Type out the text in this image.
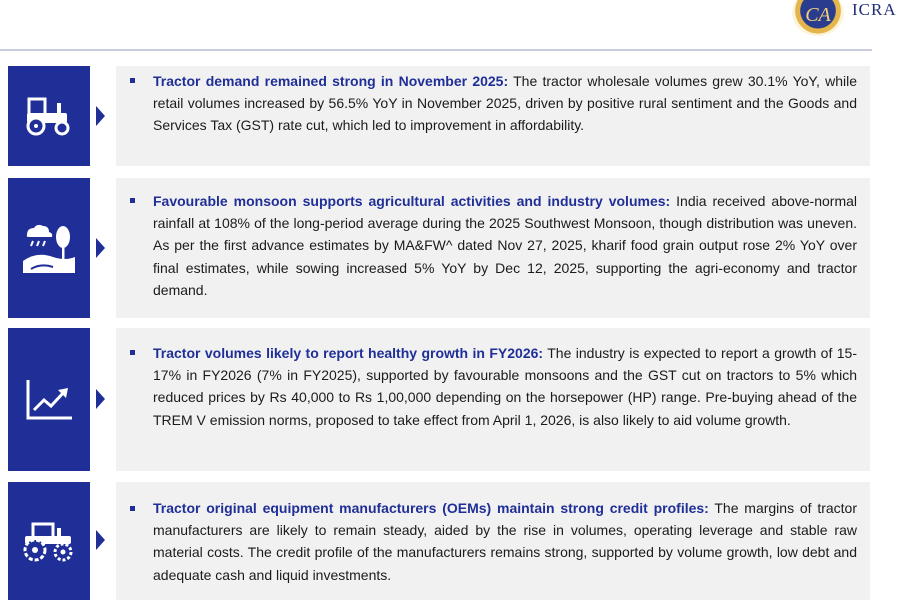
CA ICRA
Tractor demand remained strong in November 2025: The tractor wholesale volumes grew 30.1% YoY, while retail volumes increased by 56.5% YoY in November 2025, driven by positive rural sentiment and the Goods and Services Tax (GST) rate cut, which led to improvement in affordability.
Favourable monsoon supports agricultural activities and industry volumes: India received above-normal rainfall at 108% of the long-period average during the 2025 Southwest Monsoon, though distribution was uneven. As per the first advance estimates by MA&FW^ dated Nov 27, 2025, kharif food grain output rose 2% YoY over final estimates, while sowing increased 5% YoY by Dec 12, 2025, supporting the agri-economy and tractor demand.
Tractor volumes likely to report healthy growth in FY2026: The industry is expected to report a growth of 15-17% in FY2026 (7% in FY2025), supported by favourable monsoons and the GST cut on tractors to 5% which reduced prices by Rs 40,000 to Rs 1,00,000 depending on the horsepower (HP) range. Pre-buying ahead of the TREM V emission norms, proposed to take effect from April 1, 2026, is also likely to aid volume growth.
Tractor original equipment manufacturers (OEMs) maintain strong credit profiles: The margins of tractor manufacturers are likely to remain steady, aided by the rise in volumes, operating leverage and stable raw material costs. The credit profile of the manufacturers remains strong, supported by volume growth, low debt and adequate cash and liquid investments.
